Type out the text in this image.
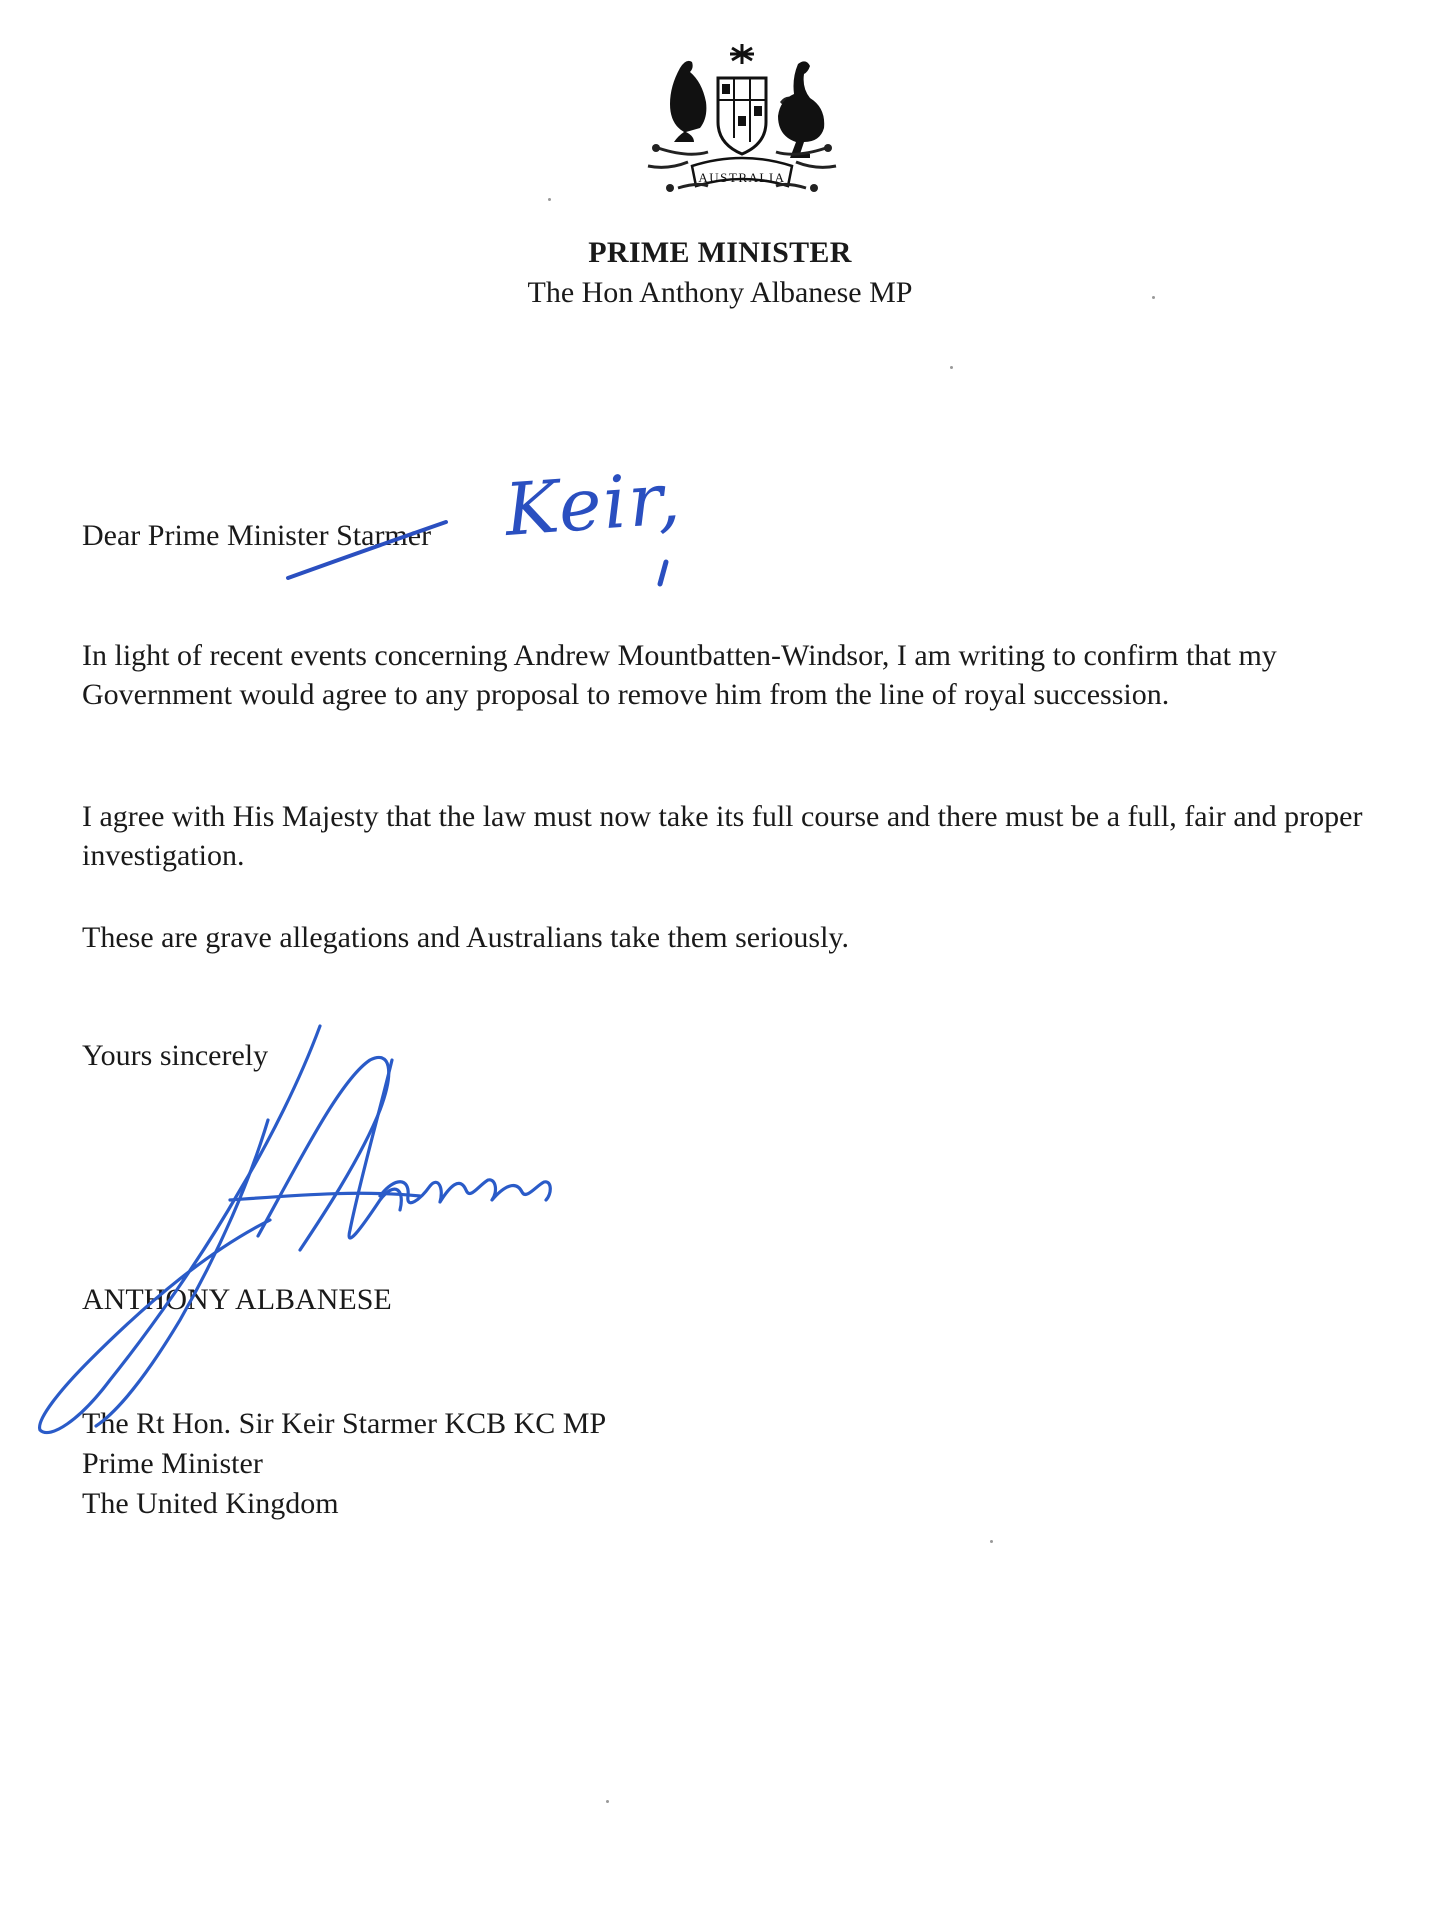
AUSTRALIA
PRIME MINISTER
The Hon Anthony Albanese MP
Dear Prime Minister Starmer Keir,
In light of recent events concerning Andrew Mountbatten-Windsor, I am writing to confirm that my Government would agree to any proposal to remove him from the line of royal succession.
I agree with His Majesty that the law must now take its full course and there must be a full, fair and proper investigation.
These are grave allegations and Australians take them seriously.
Yours sincerely
ANTHONY ALBANESE
The Rt Hon. Sir Keir Starmer KCB KC MP
Prime Minister
The United Kingdom
